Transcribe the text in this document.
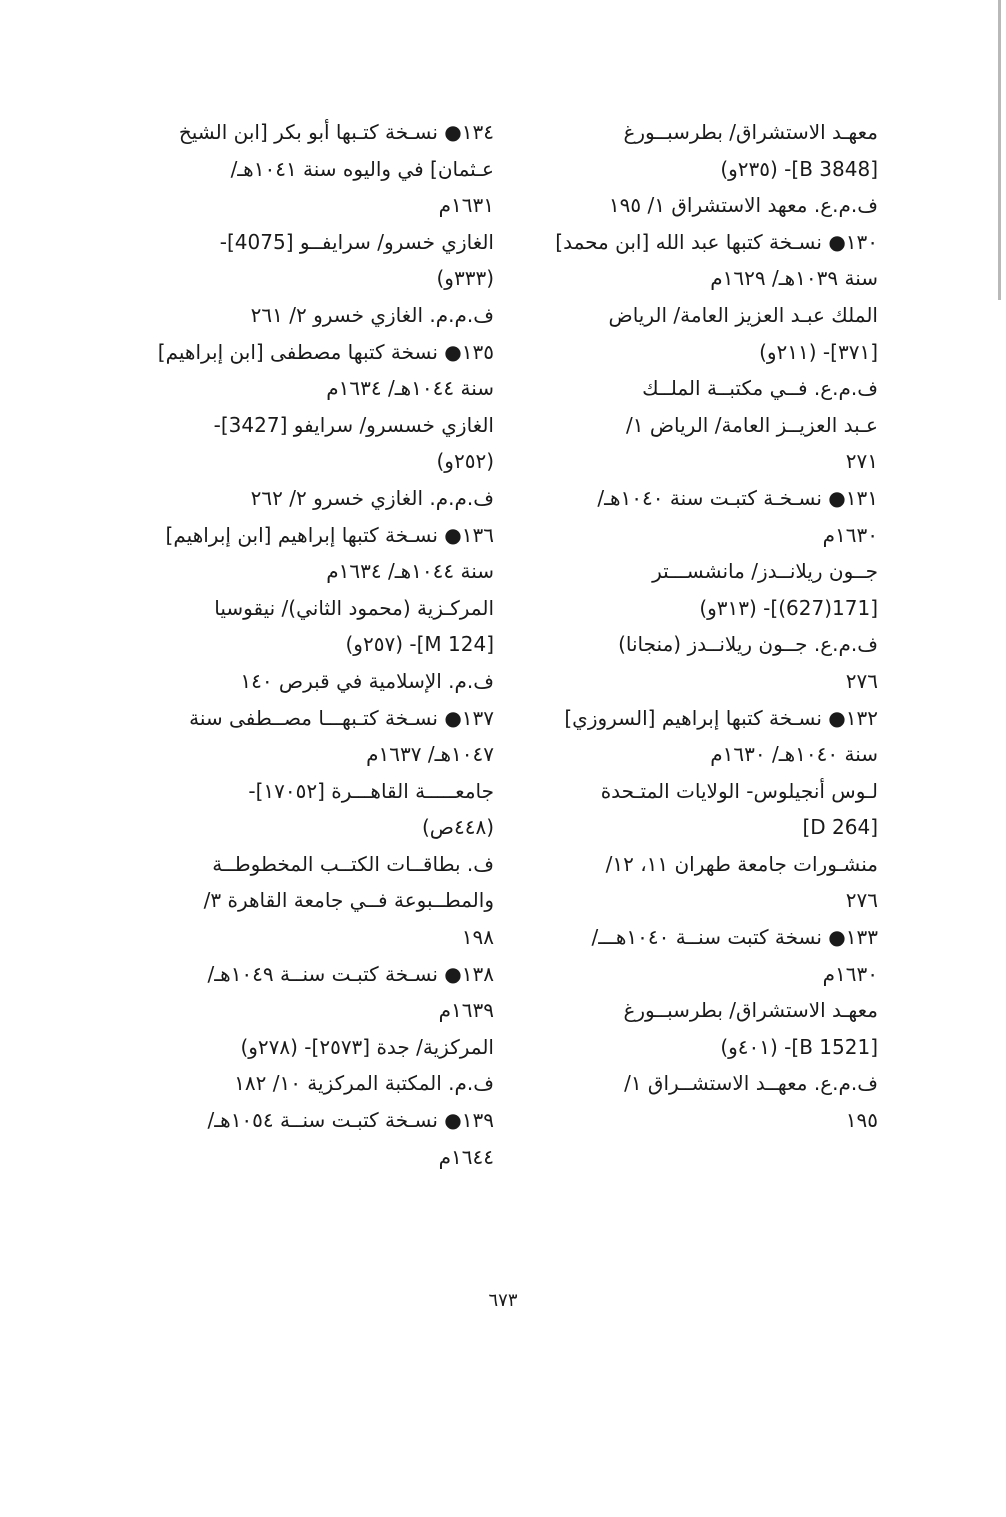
معهـد الاستشراق/ بطرسبــورغ
[B 3848]- (٢٣٥و)
ف.م.ع. معهد الاستشراق ١/ ١٩٥
١٣٠● نسـخة كتبها عبد الله [ابن محمد]
سنة ١٠٣٩هـ/ ١٦٢٩م
الملك عبـد العزيز العامة/ الرياض
[٣٧١]- (٢١١و)
ف.م.ع. فــي مكتبــة الملــك
عـبد العزيــز العامة/ الرياض ١/
٢٧١
١٣١● نسـخـة كتبـت سنة ١٠٤٠هـ/
١٦٣٠م
جــون ريلانــدز/ مانشســـتر
[171(627)]- (٣١٣و)
ف.م.ع. جــون ريلانــدز (منجانا)
٢٧٦
١٣٢● نسـخة كتبها إبراهيم [السروزي]
سنة ١٠٤٠هـ/ ١٦٣٠م
لـوس أنجيلوس- الولايات المتـحدة
[D 264]
منشـورات جامعة طهران ١١، ١٢/
٢٧٦
١٣٣● نسخة كتبت سنــة ١٠٤٠هـــ/
١٦٣٠م
معهـد الاستشراق/ بطرسبــورغ
[B 1521]- (٤٠١و)
ف.م.ع. معهــد الاستشــراق ١/
١٩٥
١٣٤● نسـخة كتـبها أبو بكر [ابن الشيخ
عـثمان] في واليوه سنة ١٠٤١هـ/
١٦٣١م
الغازي خسرو/ سرايفــو [4075]-
(٣٣٣و)
ف.م.م. الغازي خسرو ٢/ ٢٦١
١٣٥● نسخة كتبها مصطفى [ابن إبراهيم]
سنة ١٠٤٤هـ/ ١٦٣٤م
الغازي خسسرو/ سرايفو [3427]-
(٢٥٢و)
ف.م.م. الغازي خسرو ٢/ ٢٦٢
١٣٦● نسـخة كتبها إبراهيم [ابن إبراهيم]
سنة ١٠٤٤هـ/ ١٦٣٤م
المركـزية (محمود الثاني)/ نيقوسيا
[M 124]- (٢٥٧و)
ف.م. الإسلامية في قبرص ١٤٠
١٣٧● نسـخة كتـبهـــا مصــطفى سنة
١٠٤٧هـ/ ١٦٣٧م
جامعـــــة القاهـــرة [١٧٠٥٢]-
(٤٤٨ص)
ف. بطاقــات الكتــب المخطوطــة
والمطــبوعة فــي جامعة القاهرة ٣/
١٩٨
١٣٨● نسـخة كتبـت سنــة ١٠٤٩هـ/
١٦٣٩م
المركزية/ جدة [٢٥٧٣]- (٢٧٨و)
ف.م. المكتبة المركزية ١٠/ ١٨٢
١٣٩● نسـخة كتبـت سنــة ١٠٥٤هـ/
١٦٤٤م
٦٧٣
